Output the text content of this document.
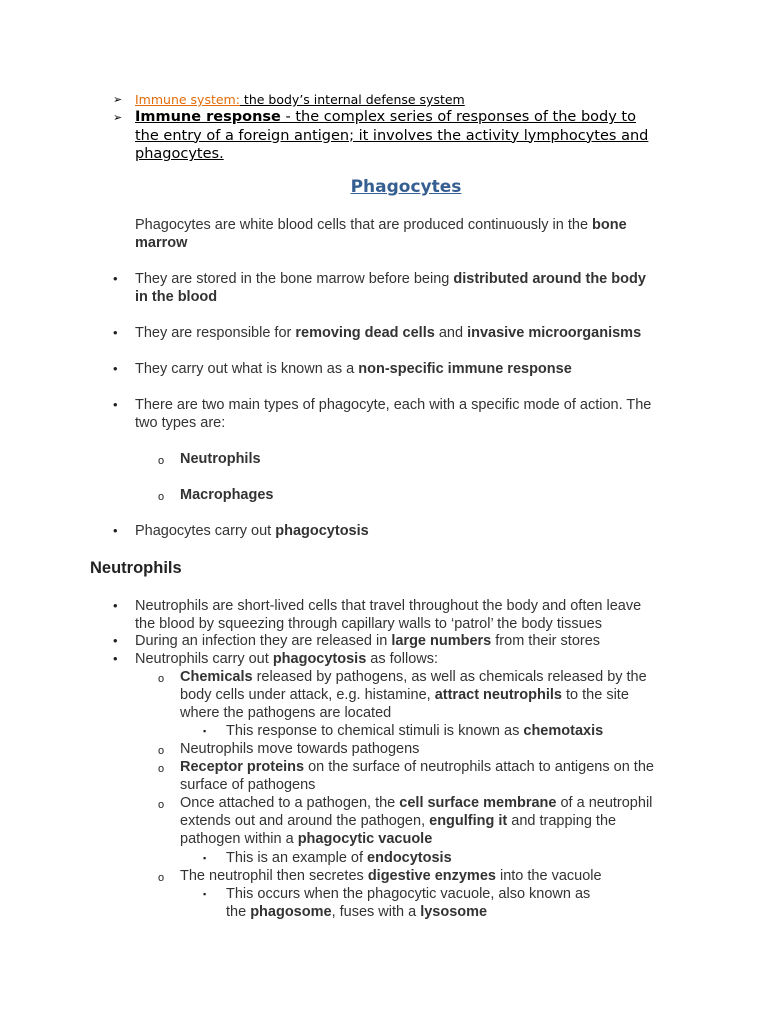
➢ Immune system: the body’s internal defense system
➢ Immune response - the complex series of responses of the body to
the entry of a foreign antigen; it involves the activity lymphocytes and
phagocytes.
Phagocytes
Phagocytes are white blood cells that are produced continuously in the bone
marrow
• They are stored in the bone marrow before being distributed around the body
in the blood
• They are responsible for removing dead cells and invasive microorganisms
• They carry out what is known as a non-specific immune response
• There are two main types of phagocyte, each with a specific mode of action. The
two types are:
o Neutrophils
o Macrophages
• Phagocytes carry out phagocytosis
Neutrophils
• Neutrophils are short-lived cells that travel throughout the body and often leave
the blood by squeezing through capillary walls to ‘patrol’ the body tissues
• During an infection they are released in large numbers from their stores
• Neutrophils carry out phagocytosis as follows:
o Chemicals released by pathogens, as well as chemicals released by the
body cells under attack, e.g. histamine, attract neutrophils to the site
where the pathogens are located
▪ This response to chemical stimuli is known as chemotaxis
o Neutrophils move towards pathogens
o Receptor proteins on the surface of neutrophils attach to antigens on the
surface of pathogens
o Once attached to a pathogen, the cell surface membrane of a neutrophil
extends out and around the pathogen, engulfing it and trapping the
pathogen within a phagocytic vacuole
▪ This is an example of endocytosis
o The neutrophil then secretes digestive enzymes into the vacuole
▪ This occurs when the phagocytic vacuole, also known as
the phagosome, fuses with a lysosome
